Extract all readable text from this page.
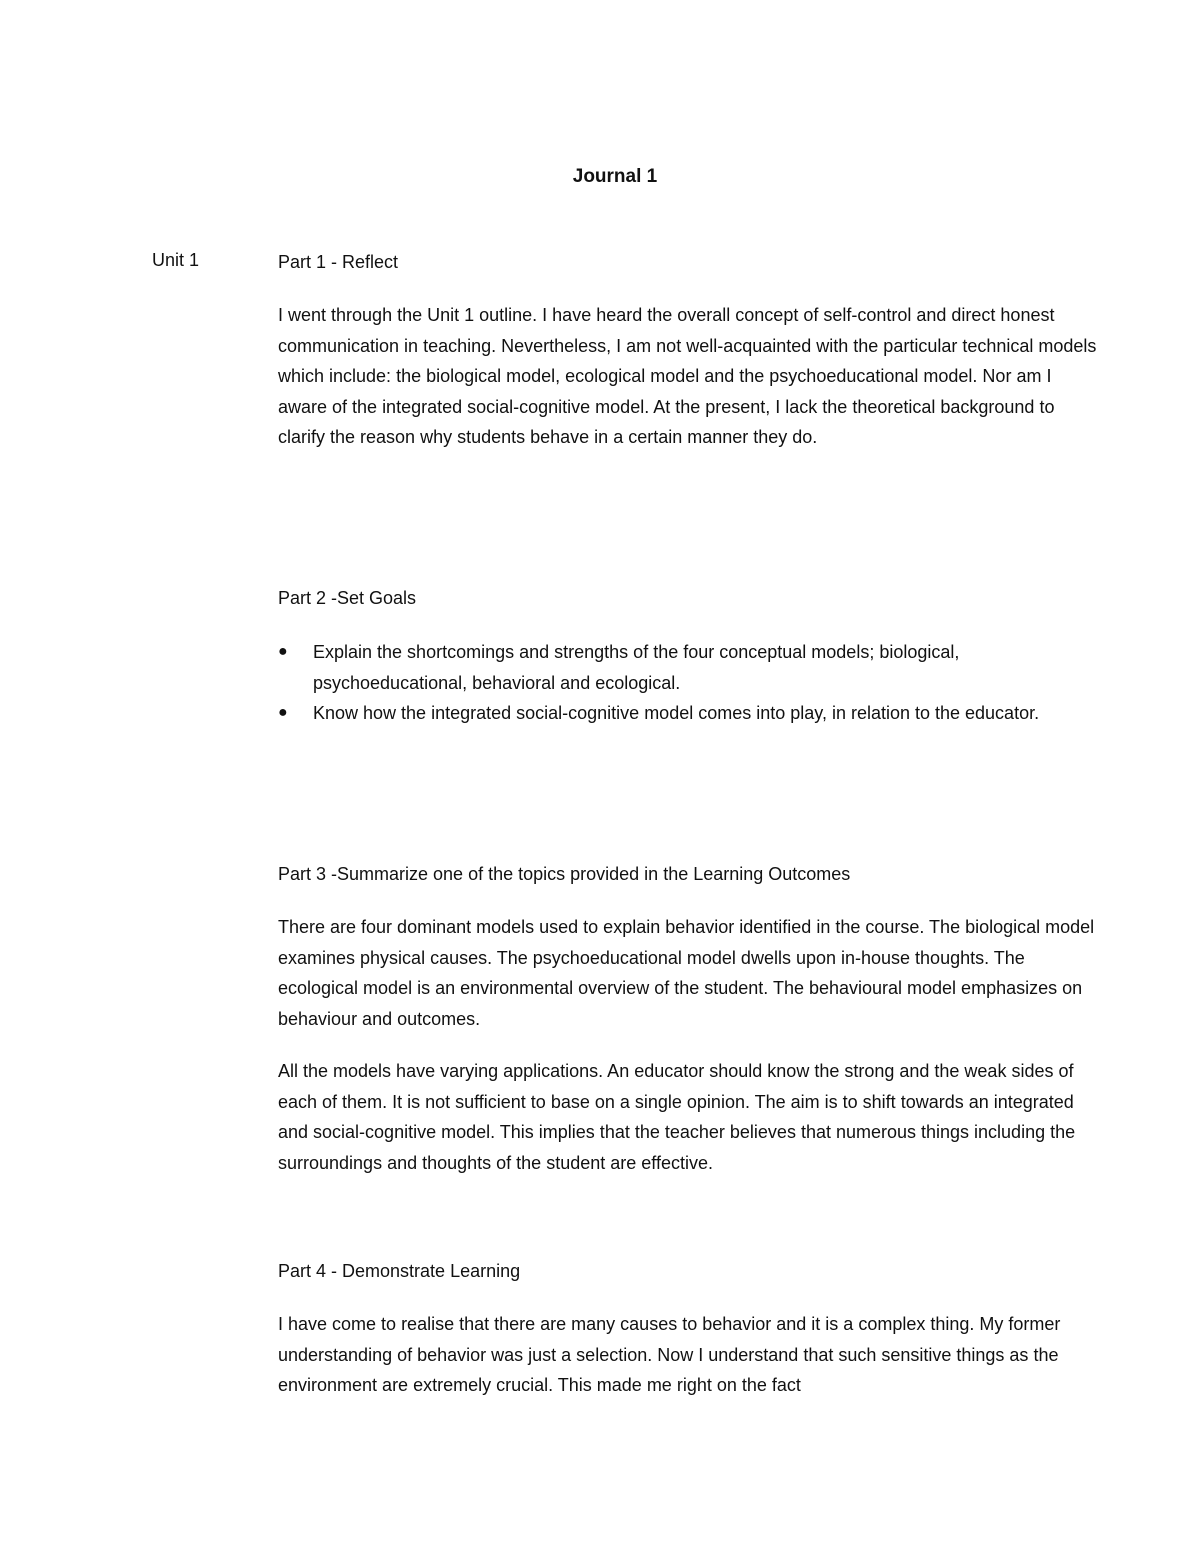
Journal 1

Unit 1	Part 1 - Reflect

I went through the Unit 1 outline. I have heard the overall concept of self-control and direct honest communication in teaching. Nevertheless, I am not well-acquainted with the particular technical models which include: the biological model, ecological model and the psychoeducational model. Nor am I aware of the integrated social-cognitive model. At the present, I lack the theoretical background to clarify the reason why students behave in a certain manner they do.

Part 2 -Set Goals

● Explain the shortcomings and strengths of the four conceptual models; biological, psychoeducational, behavioral and ecological.
● Know how the integrated social-cognitive model comes into play, in relation to the educator.

Part 3 -Summarize one of the topics provided in the Learning Outcomes

There are four dominant models used to explain behavior identified in the course. The biological model examines physical causes. The psychoeducational model dwells upon in-house thoughts. The ecological model is an environmental overview of the student. The behavioural model emphasizes on behaviour and outcomes.

All the models have varying applications. An educator should know the strong and the weak sides of each of them. It is not sufficient to base on a single opinion. The aim is to shift towards an integrated and social-cognitive model. This implies that the teacher believes that numerous things including the surroundings and thoughts of the student are effective.

Part 4 - Demonstrate Learning

I have come to realise that there are many causes to behavior and it is a complex thing. My former understanding of behavior was just a selection. Now I understand that such sensitive things as the environment are extremely crucial. This made me right on the fact
